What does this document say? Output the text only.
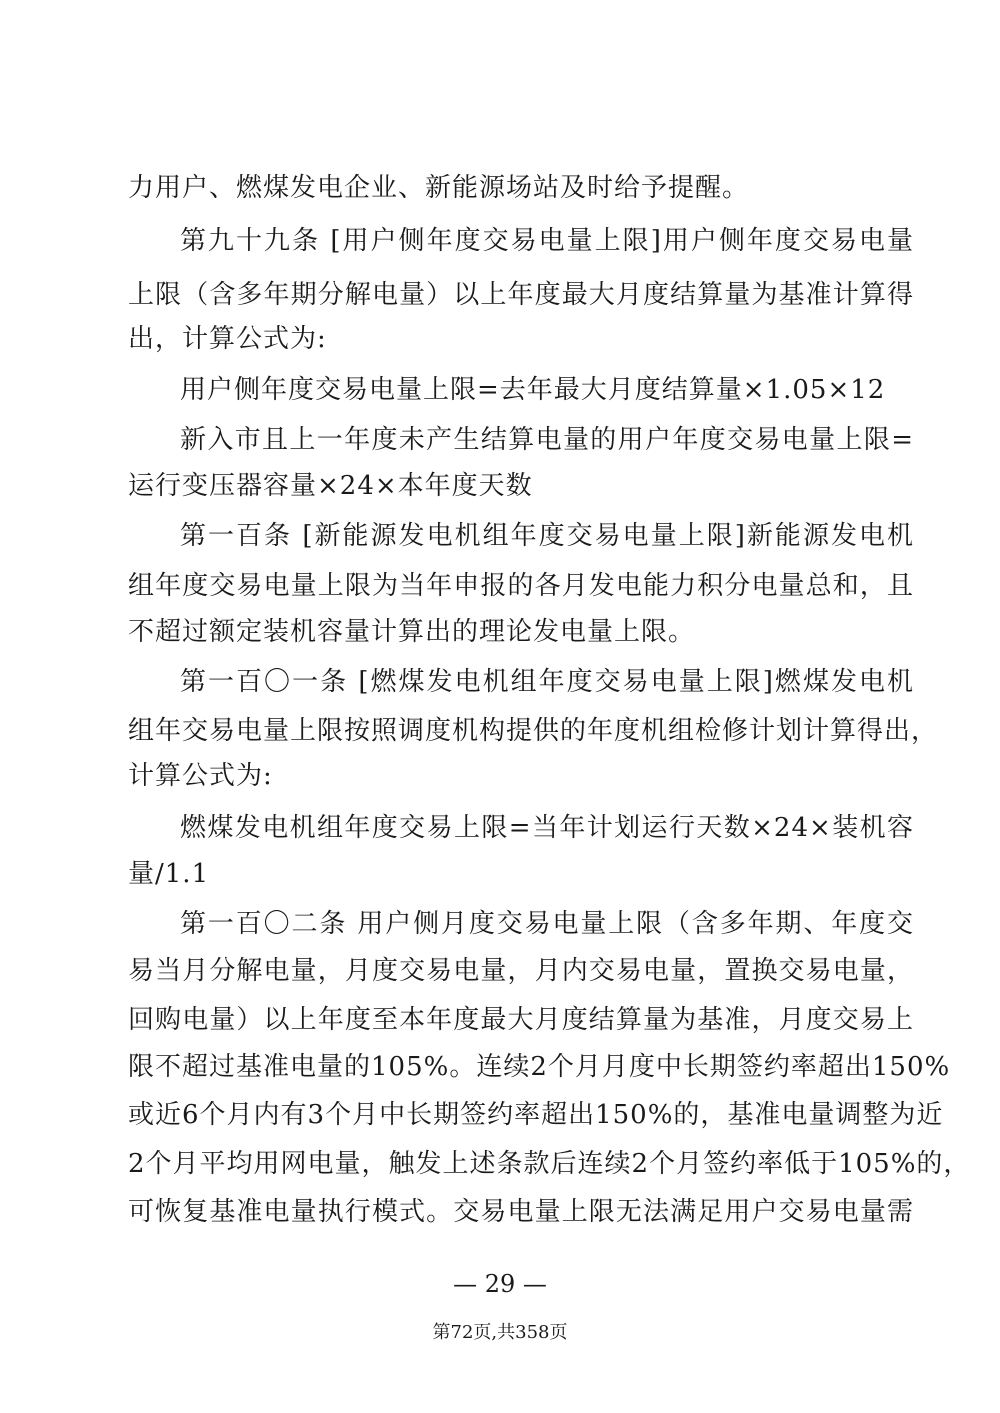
力用户、燃煤发电企业、新能源场站及时给予提醒。
第九十九条 [用户侧年度交易电量上限]用户侧年度交易电量
上限（含多年期分解电量）以上年度最大月度结算量为基准计算得
出，计算公式为:
用户侧年度交易电量上限=去年最大月度结算量×1.05×12
新入市且上一年度未产生结算电量的用户年度交易电量上限=
运行变压器容量×24×本年度天数
第一百条 [新能源发电机组年度交易电量上限]新能源发电机
组年度交易电量上限为当年申报的各月发电能力积分电量总和，且
不超过额定装机容量计算出的理论发电量上限。
第一百〇一条 [燃煤发电机组年度交易电量上限]燃煤发电机
组年交易电量上限按照调度机构提供的年度机组检修计划计算得出，
计算公式为:
燃煤发电机组年度交易上限=当年计划运行天数×24×装机容
量/1.1
第一百〇二条 用户侧月度交易电量上限（含多年期、年度交
易当月分解电量，月度交易电量，月内交易电量，置换交易电量，
回购电量）以上年度至本年度最大月度结算量为基准，月度交易上
限不超过基准电量的105%。连续2个月月度中长期签约率超出150%
或近6个月内有3个月中长期签约率超出150%的，基准电量调整为近
2个月平均用网电量，触发上述条款后连续2个月签约率低于105%的，
可恢复基准电量执行模式。交易电量上限无法满足用户交易电量需
— 29 —
第72页,共358页
